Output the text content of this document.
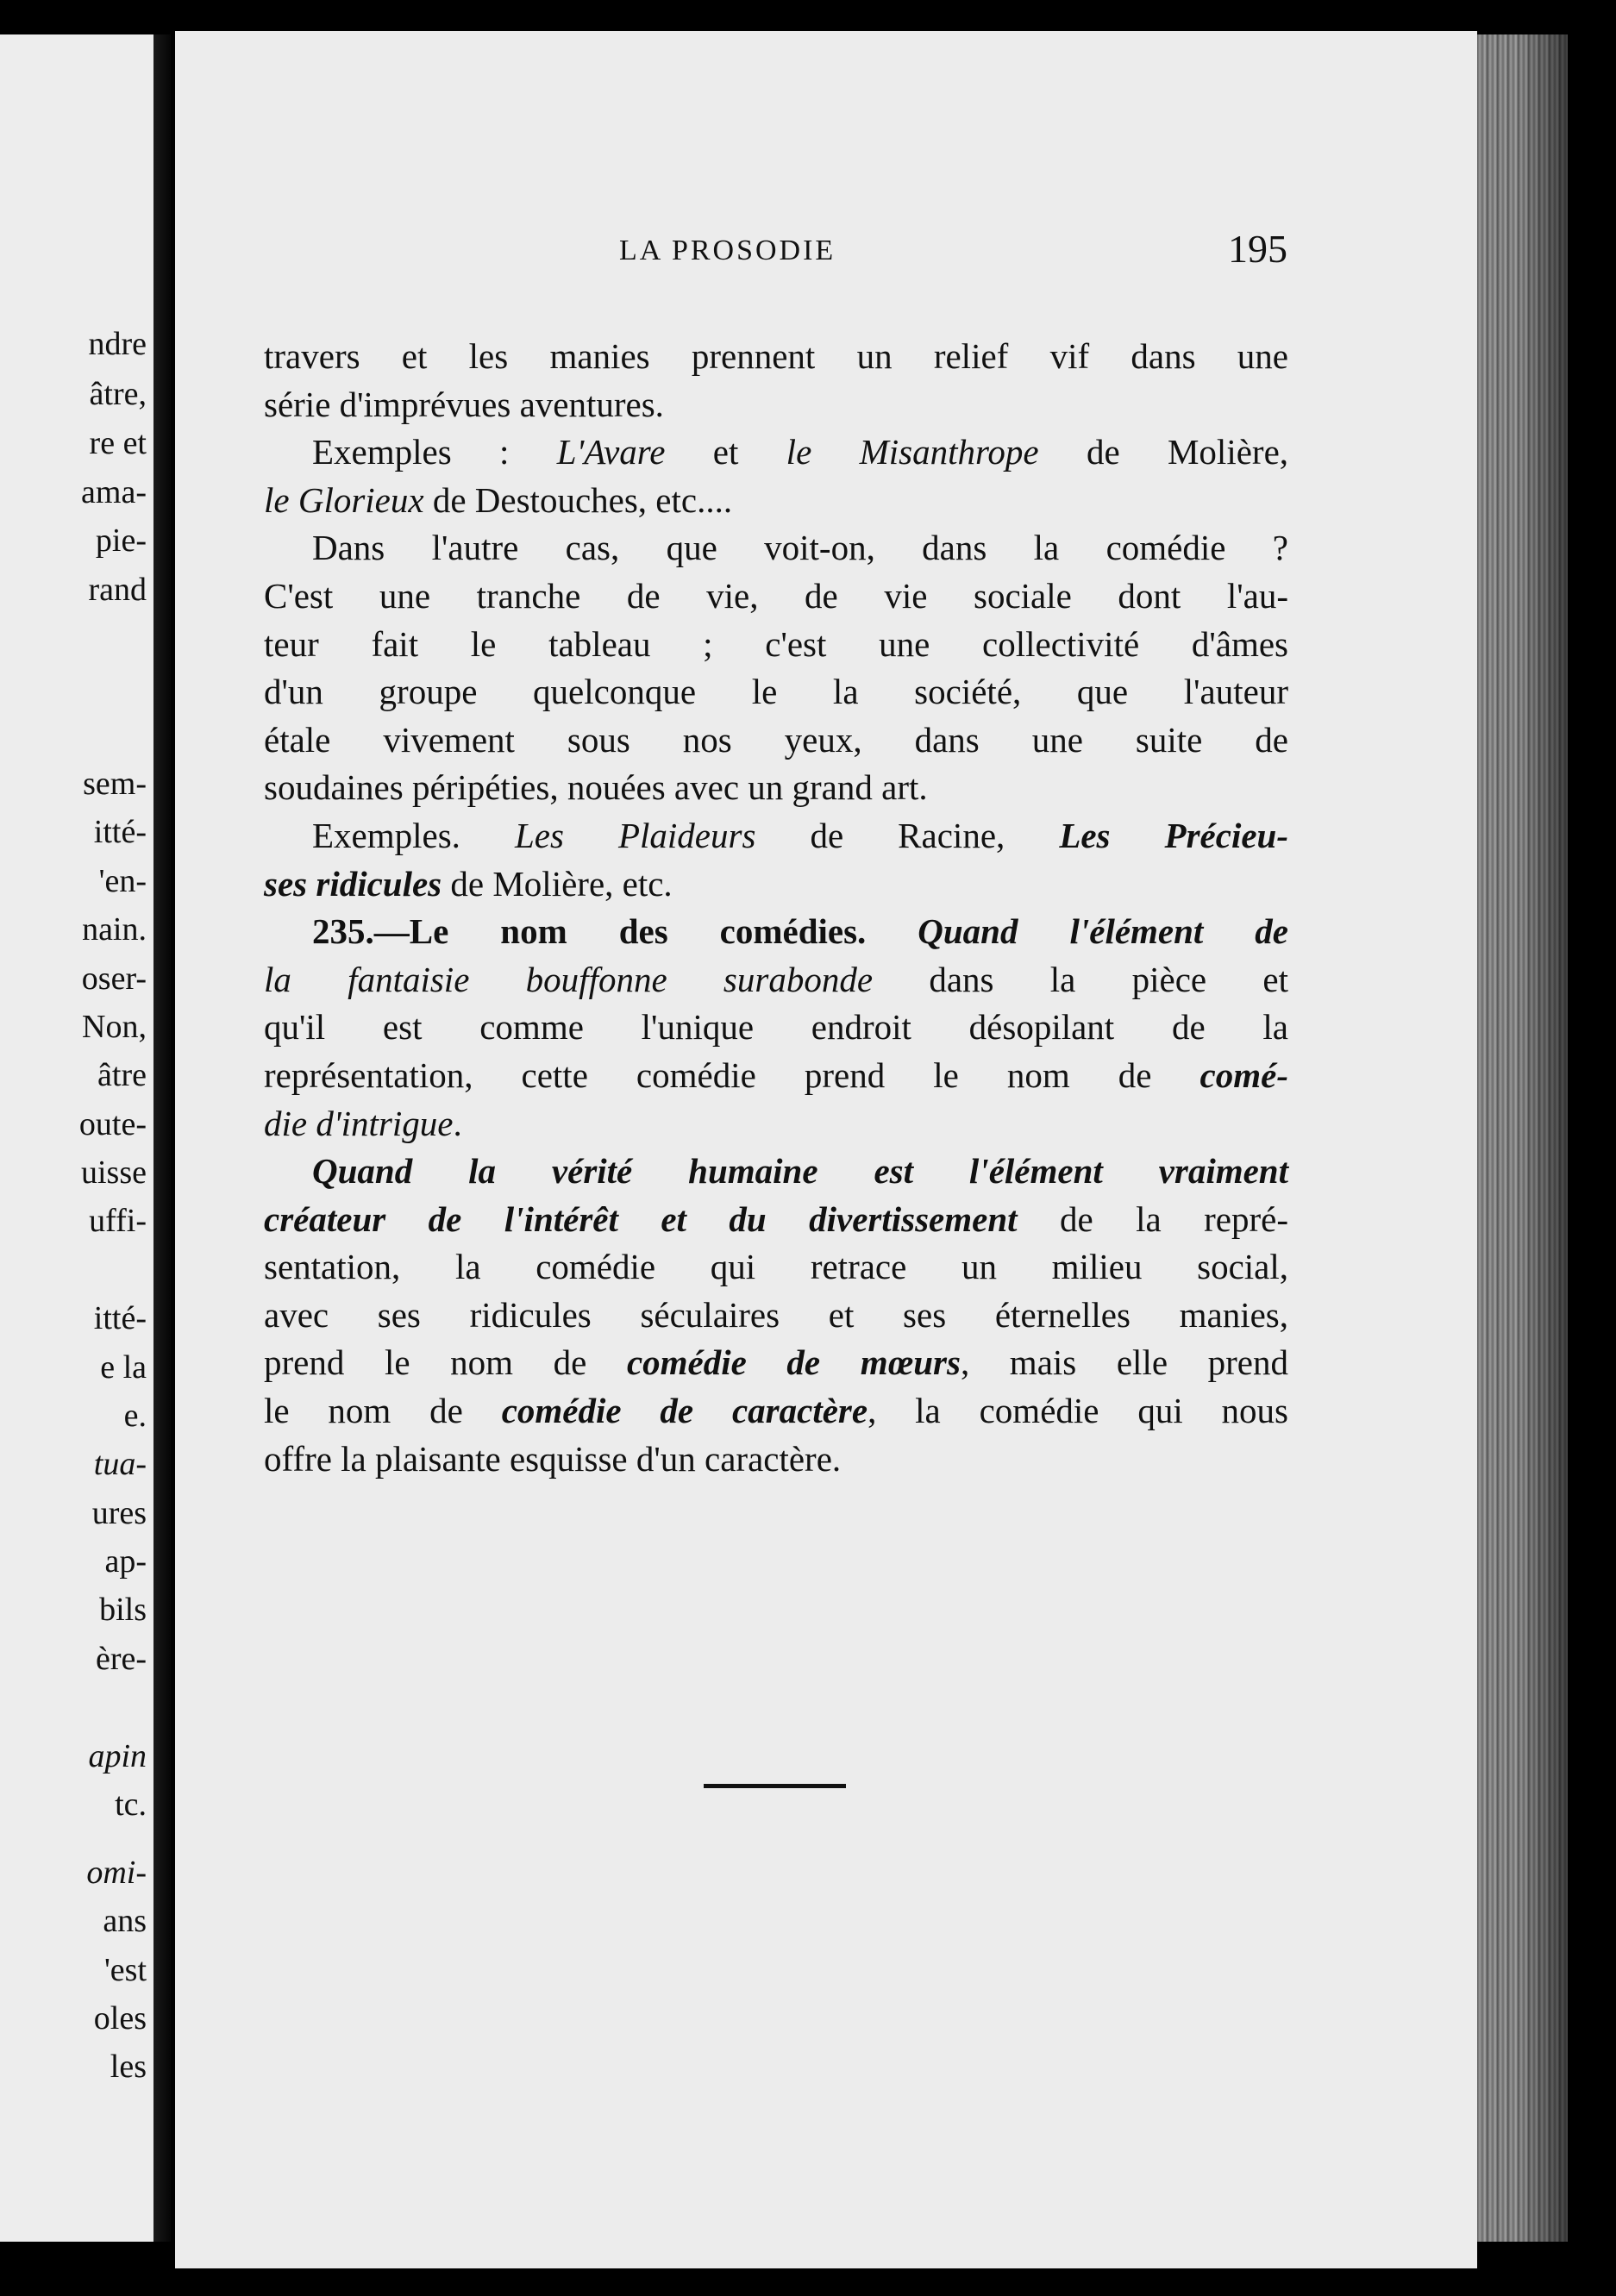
ndre
âtre,
re et
ama-
pie-
rand
sem-
itté-
'en-
nain.
oser-
Non,
âtre
oute-
uisse
uffi-
itté-
e la
e.
tua-
ures
ap-
bils
ère-
apin
tc.
omi-
ans
'est
oles
les
LA PROSODIE	195
travers et les manies prennent un relief vif dans une
série d'imprévues aventures.
Exemples : L'Avare et le Misanthrope de Molière,
le Glorieux de Destouches, etc....
Dans l'autre cas, que voit-on, dans la comédie ?
C'est une tranche de vie, de vie sociale dont l'au-
teur fait le tableau ; c'est une collectivité d'âmes
d'un groupe quelconque le la société, que l'auteur
étale vivement sous nos yeux, dans une suite de
soudaines péripéties, nouées avec un grand art.
Exemples. Les Plaideurs de Racine, Les Précieu-
ses ridicules de Molière, etc.
235.—Le nom des comédies. Quand l'élément de
la fantaisie bouffonne surabonde dans la pièce et
qu'il est comme l'unique endroit désopilant de la
représentation, cette comédie prend le nom de comé-
die d'intrigue.
Quand la vérité humaine est l'élément vraiment
créateur de l'intérêt et du divertissement de la repré-
sentation, la comédie qui retrace un milieu social,
avec ses ridicules séculaires et ses éternelles manies,
prend le nom de comédie de mœurs, mais elle prend
le nom de comédie de caractère, la comédie qui nous
offre la plaisante esquisse d'un caractère.
